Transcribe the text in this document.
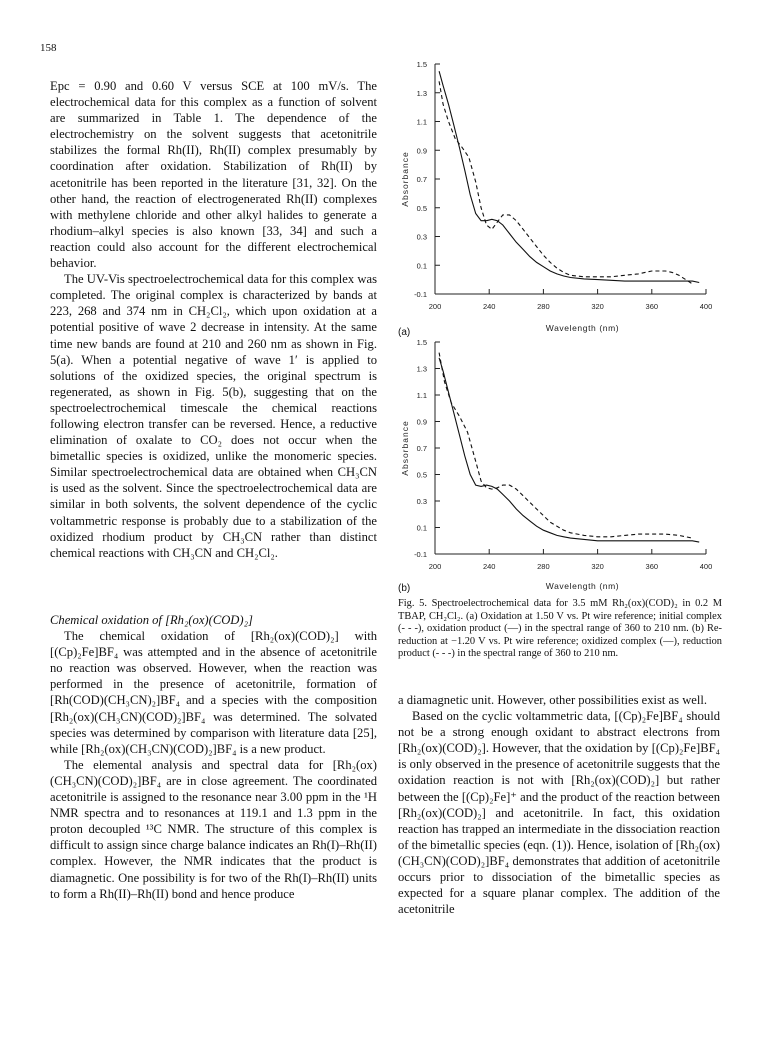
158

Epc = 0.90 and 0.60 V versus SCE at 100 mV/s. The electrochemical data for this complex as a function of solvent are summarized in Table 1. The dependence of the electrochemistry on the solvent suggests that acetonitrile stabilizes the formal Rh(II), Rh(II) complex presumably by coordination after oxidation. Stabilization of Rh(II) by acetonitrile has been reported in the literature [31, 32]. On the other hand, the reaction of electrogenerated Rh(II) complexes with methylene chloride and other alkyl halides to generate a rhodium–alkyl species is also known [33, 34] and such a reaction could also account for the different electrochemical behavior.

The UV-Vis spectroelectrochemical data for this complex was completed. The original complex is characterized by bands at 223, 268 and 374 nm in CH₂Cl₂, which upon oxidation at a potential positive of wave 2 decrease in intensity. At the same time new bands are found at 210 and 260 nm as shown in Fig. 5(a). When a potential negative of wave 1′ is applied to solutions of the oxidized species, the original spectrum is regenerated, as shown in Fig. 5(b), suggesting that on the spectroelectrochemical timescale the chemical reactions following electron transfer can be reversed. Hence, a reductive elimination of oxalate to CO₂ does not occur when the bimetallic species is oxidized, unlike the monomeric species. Similar spectroelectrochemical data are obtained when CH₃CN is used as the solvent. Since the spectroelectrochemical data are similar in both solvents, the solvent dependence of the cyclic voltammetric response is probably due to a stabilization of the oxidized rhodium product by CH₃CN rather than distinct chemical reactions with CH₃CN and CH₂Cl₂.

Chemical oxidation of [Rh₂(ox)(COD)₂]

The chemical oxidation of [Rh₂(ox)(COD)₂] with [(Cp)₂Fe]BF₄ was attempted and in the absence of acetonitrile no reaction was observed. However, when the reaction was performed in the presence of acetonitrile, formation of [Rh(COD)(CH₃CN)₂]BF₄ and a species with the composition [Rh₂(ox)(CH₃CN)(COD)₂]BF₄ was determined. The solvated species was determined by comparison with literature data [25], while [Rh₂(ox)(CH₃CN)(COD)₂]BF₄ is a new product.

The elemental analysis and spectral data for [Rh₂(ox)(CH₃CN)(COD)₂]BF₄ are in close agreement. The coordinated acetonitrile is assigned to the resonance near 3.00 ppm in the ¹H NMR spectra and to resonances at 119.1 and 1.3 ppm in the proton decoupled ¹³C NMR. The structure of this complex is difficult to assign since charge balance indicates an Rh(I)–Rh(II) complex. However, the NMR indicates that the product is diamagnetic. One possibility is for two of the Rh(I)–Rh(II) units to form a Rh(II)–Rh(II) bond and hence produce

-0.1
0.1
0.3
0.5
0.7
0.9
1.1
1.3
1.5
200	240	280	320	360	400
Wavelength (nm)
Absorbance
(a)
-0.1
0.1
0.3
0.5
0.7
0.9
1.1
1.3
1.5
200	240	280	320	360	400
Wavelength (nm)
Absorbance
(b)

Fig. 5. Spectroelectrochemical data for 3.5 mM Rh₂(ox)(COD)₂ in 0.2 M TBAP, CH₂Cl₂. (a) Oxidation at 1.50 V vs. Pt wire reference; initial complex (- - -), oxidation product (—) in the spectral range of 360 to 210 nm. (b) Re-reduction at −1.20 V vs. Pt wire reference; oxidized complex (—), reduction product (- - -) in the spectral range of 360 to 210 nm.

a diamagnetic unit. However, other possibilities exist as well.

Based on the cyclic voltammetric data, [(Cp)₂Fe]BF₄ should not be a strong enough oxidant to abstract electrons from [Rh₂(ox)(COD)₂]. However, that the oxidation by [(Cp)₂Fe]BF₄ is only observed in the presence of acetonitrile suggests that the oxidation reaction is not with [Rh₂(ox)(COD)₂] but rather between the [(Cp)₂Fe]⁺ and the product of the reaction between [Rh₂(ox)(COD)₂] and acetonitrile. In fact, this oxidation reaction has trapped an intermediate in the dissociation reaction of the bimetallic species (eqn. (1)). Hence, isolation of [Rh₂(ox)(CH₃CN)(COD)₂]BF₄ demonstrates that addition of acetonitrile occurs prior to dissociation of the bimetallic species as expected for a square planar complex. The addition of the acetonitrile
